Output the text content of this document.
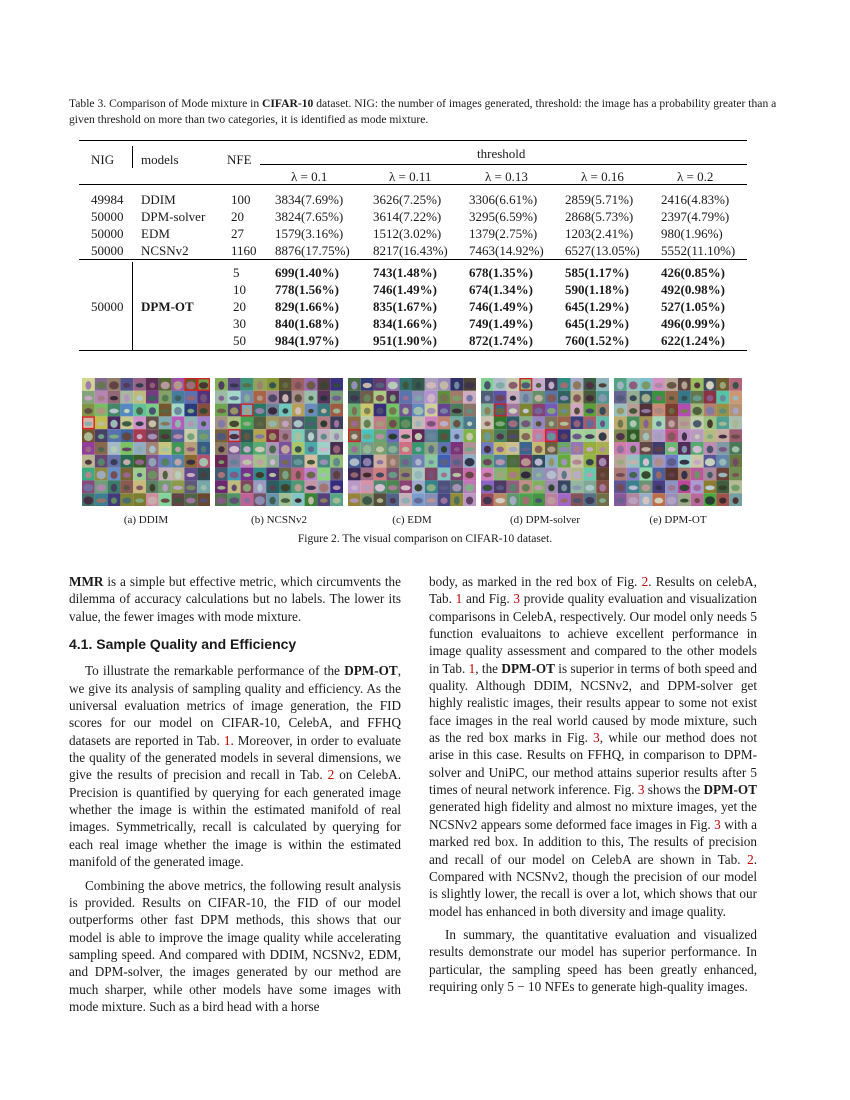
Table 3. Comparison of Mode mixture in CIFAR-10 dataset. NIG: the number of images generated, threshold: the image has a probability greater than a given threshold on more than two categories, it is identified as mode mixture.
NIG models	NFE	threshold
λ = 0.1	λ = 0.11	λ = 0.13	λ = 0.16	λ = 0.2
49984 DDIM	100 3834(7.69%) 3626(7.25%) 3306(6.61%) 2859(5.71%) 2416(4.83%)
50000 DPM-solver 20 3824(7.65%) 3614(7.22%) 3295(6.59%) 2868(5.73%) 2397(4.79%)
50000 EDM	27 1579(3.16%) 1512(3.02%) 1379(2.75%) 1203(2.41%) 980(1.96%)
50000 NCSNv2	1160 8876(17.75%) 8217(16.43%) 7463(14.92%) 6527(13.05%) 5552(11.10%)
50000 DPM-OT
5	699(1.40%)	743(1.48%) 678(1.35%) 585(1.17%) 426(0.85%)
10 778(1.56%)	746(1.49%) 674(1.34%) 590(1.18%) 492(0.98%)
20 829(1.66%)	835(1.67%) 746(1.49%) 645(1.29%) 527(1.05%)
30 840(1.68%)	834(1.66%) 749(1.49%) 645(1.29%) 496(0.99%)
50 984(1.97%)	951(1.90%) 872(1.74%) 760(1.52%) 622(1.24%)
(a) DDIM	(b) NCSNv2	(c) EDM	(d) DPM-solver	(e) DPM-OT
Figure 2. The visual comparison on CIFAR-10 dataset.

MMR is a simple but effective metric, which circumvents the dilemma of accuracy calculations but no labels. The lower its value, the fewer images with mode mixture.

4.1. Sample Quality and Efficiency

To illustrate the remarkable performance of the DPM-OT, we give its analysis of sampling quality and efficiency. As the universal evaluation metrics of image generation, the FID scores for our model on CIFAR-10, CelebA, and FFHQ datasets are reported in Tab. 1. Moreover, in order to evaluate the quality of the generated models in several dimensions, we give the results of precision and recall in Tab. 2 on CelebA. Precision is quantified by querying for each generated image whether the image is within the estimated manifold of real images. Symmetrically, recall is calculated by querying for each real image whether the image is within the estimated manifold of the generated image.

Combining the above metrics, the following result analysis is provided. Results on CIFAR-10, the FID of our model outperforms other fast DPM methods, this shows that our model is able to improve the image quality while accelerating sampling speed. And compared with DDIM, NCSNv2, EDM, and DPM-solver, the images generated by our method are much sharper, while other models have some images with mode mixture. Such as a bird head with a horse

body, as marked in the red box of Fig. 2. Results on celebA, Tab. 1 and Fig. 3 provide quality evaluation and visualization comparisons in CelebA, respectively. Our model only needs 5 function evaluaitons to achieve excellent performance in image quality assessment and compared to the other models in Tab. 1, the DPM-OT is superior in terms of both speed and quality. Although DDIM, NCSNv2, and DPM-solver get highly realistic images, their results appear to some not exist face images in the real world caused by mode mixture, such as the red box marks in Fig. 3, while our method does not arise in this case. Results on FFHQ, in comparison to DPM-solver and UniPC, our method attains superior results after 5 times of neural network inference. Fig. 3 shows the DPM-OT generated high fidelity and almost no mixture images, yet the NCSNv2 appears some deformed face images in Fig. 3 with a marked red box. In addition to this, The results of precision and recall of our model on CelebA are shown in Tab. 2. Compared with NCSNv2, though the precision of our model is slightly lower, the recall is over a lot, which shows that our model has enhanced in both diversity and image quality.

In summary, the quantitative evaluation and visualized results demonstrate our model has superior performance. In particular, the sampling speed has been greatly enhanced, requiring only 5 − 10 NFEs to generate high-quality images.
